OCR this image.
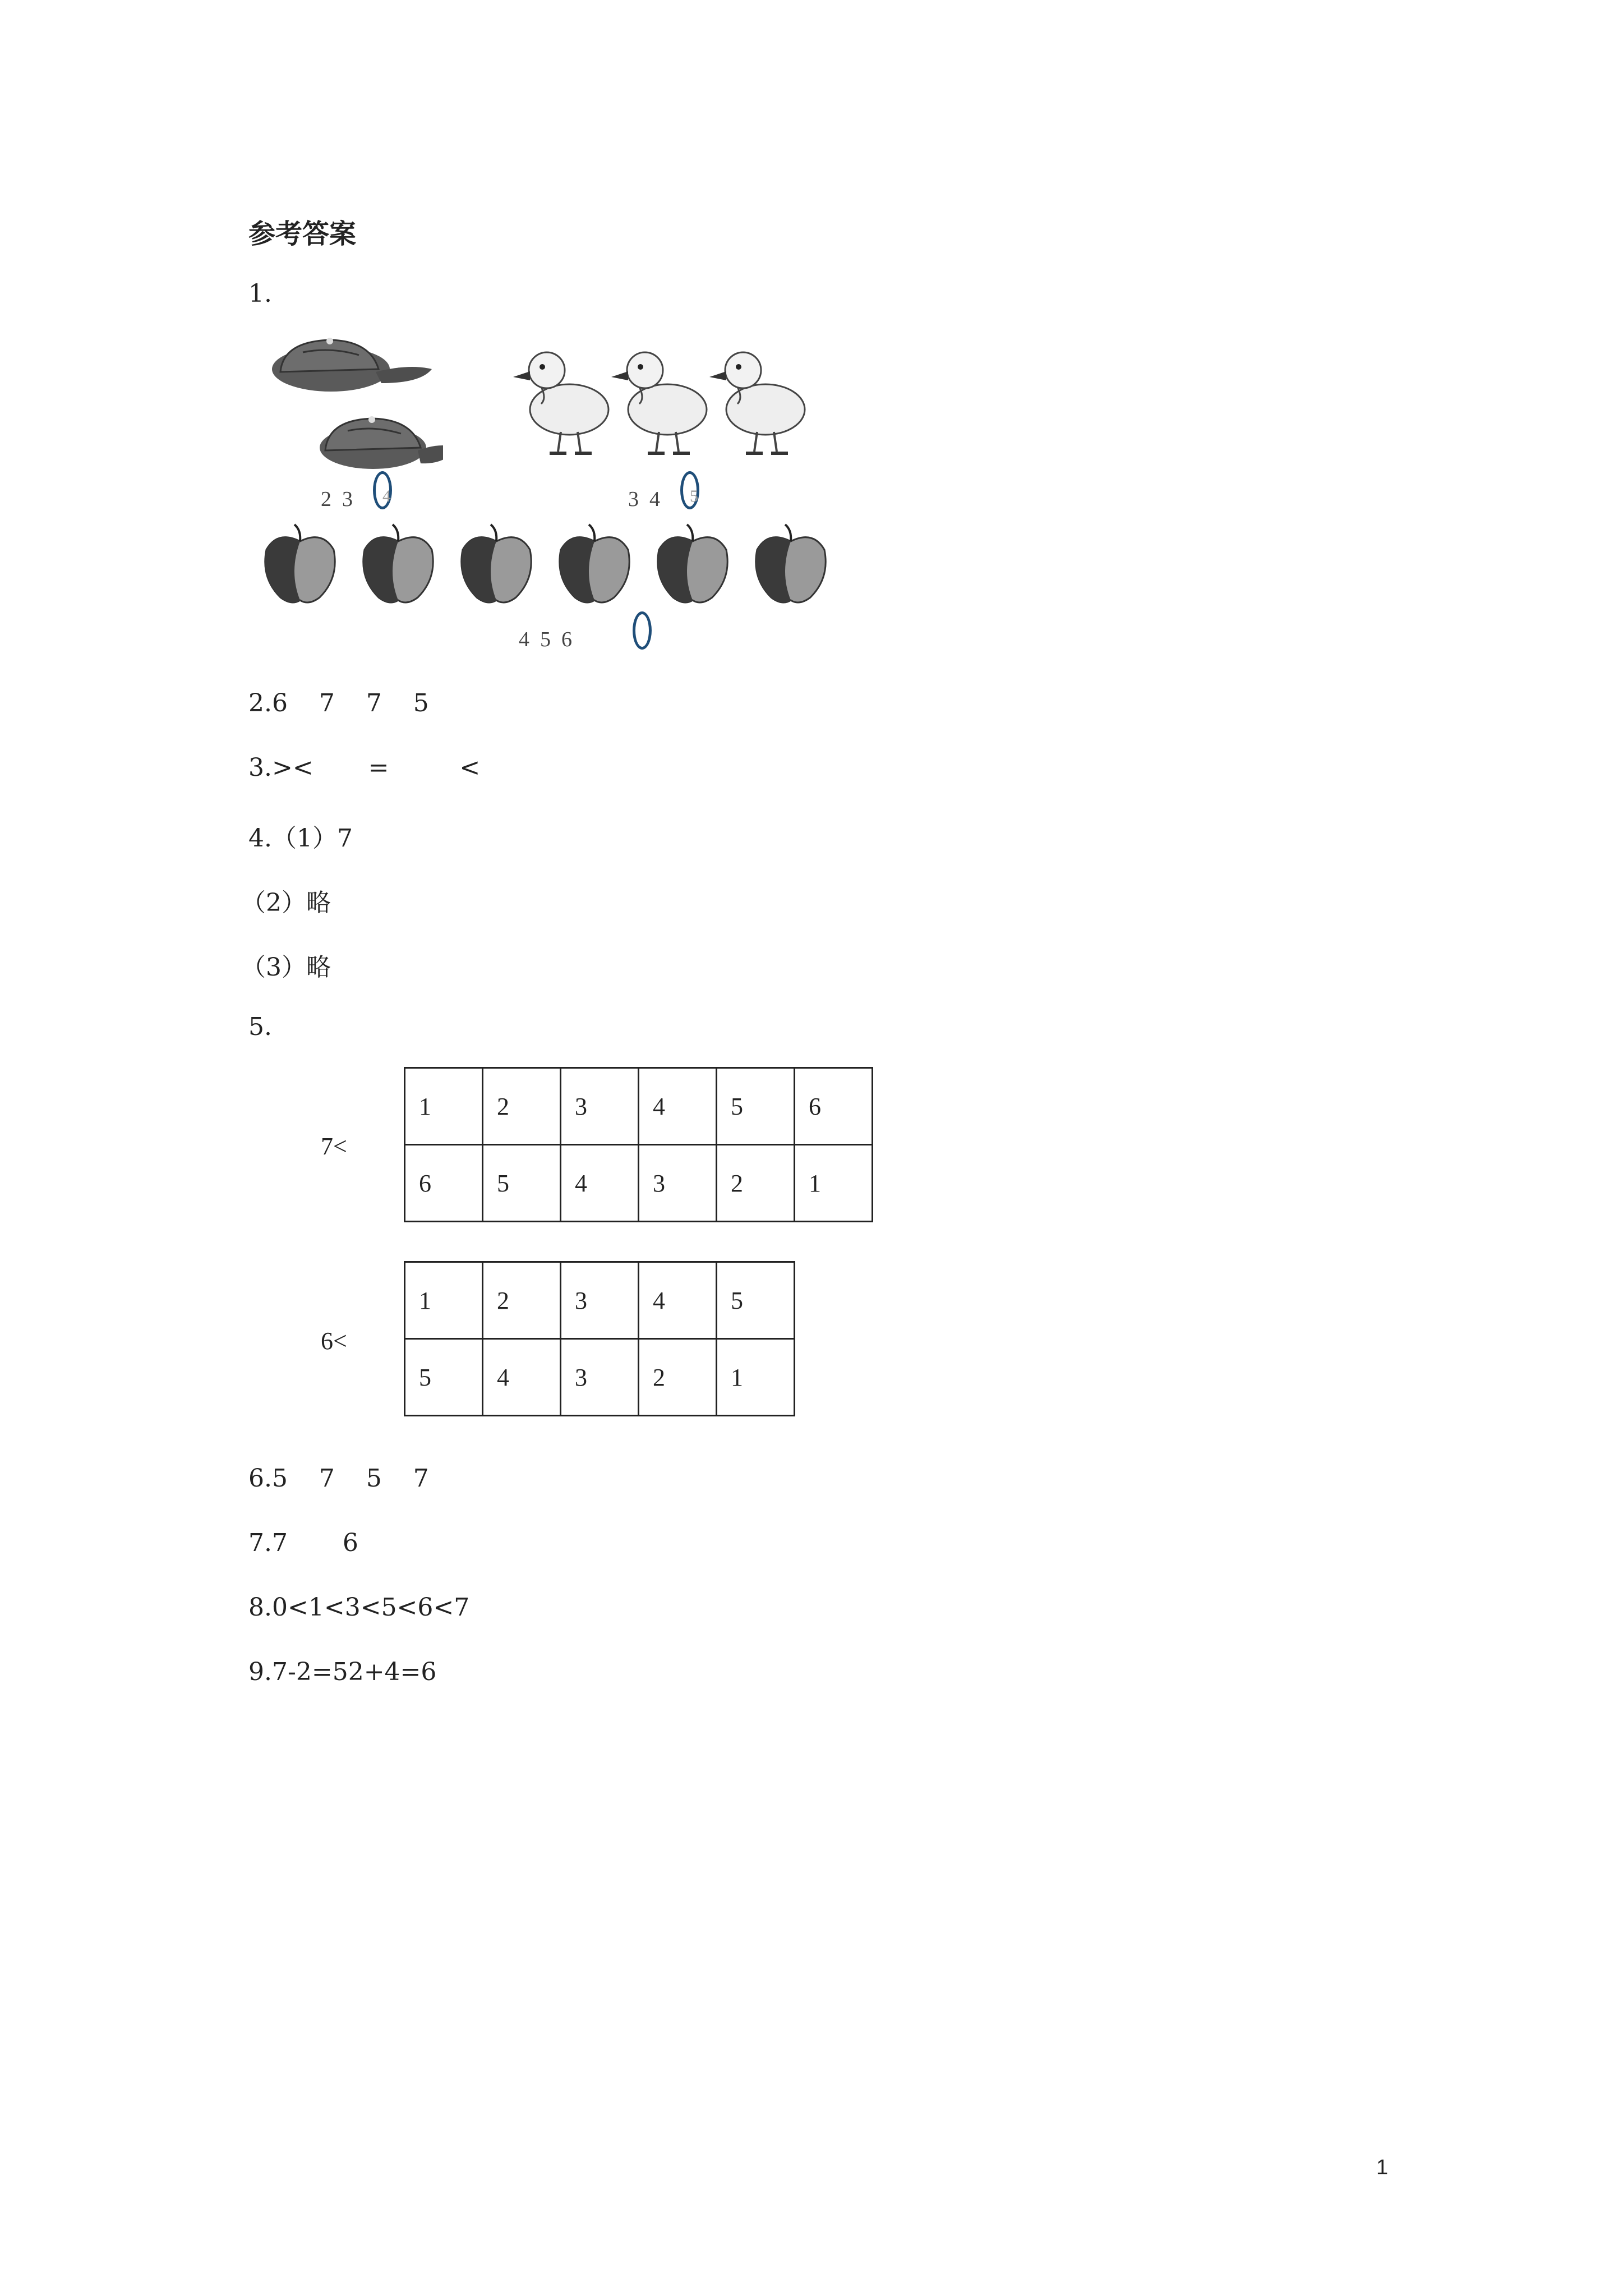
参考答案
1.
2  3 4	3  4 5
4  5  6
2.6    7    7    5
3.><       =         <
4.（1）7
（2）略
（3）略
5.
7<
1	2	3	4	5	6
6	5	4	3	2	1
6<
1	2	3	4	5
5	4	3	2	1
6.5    7    5    7
7.7       6
8.0<1<3<5<6<7
9.7-2=52+4=6
1
